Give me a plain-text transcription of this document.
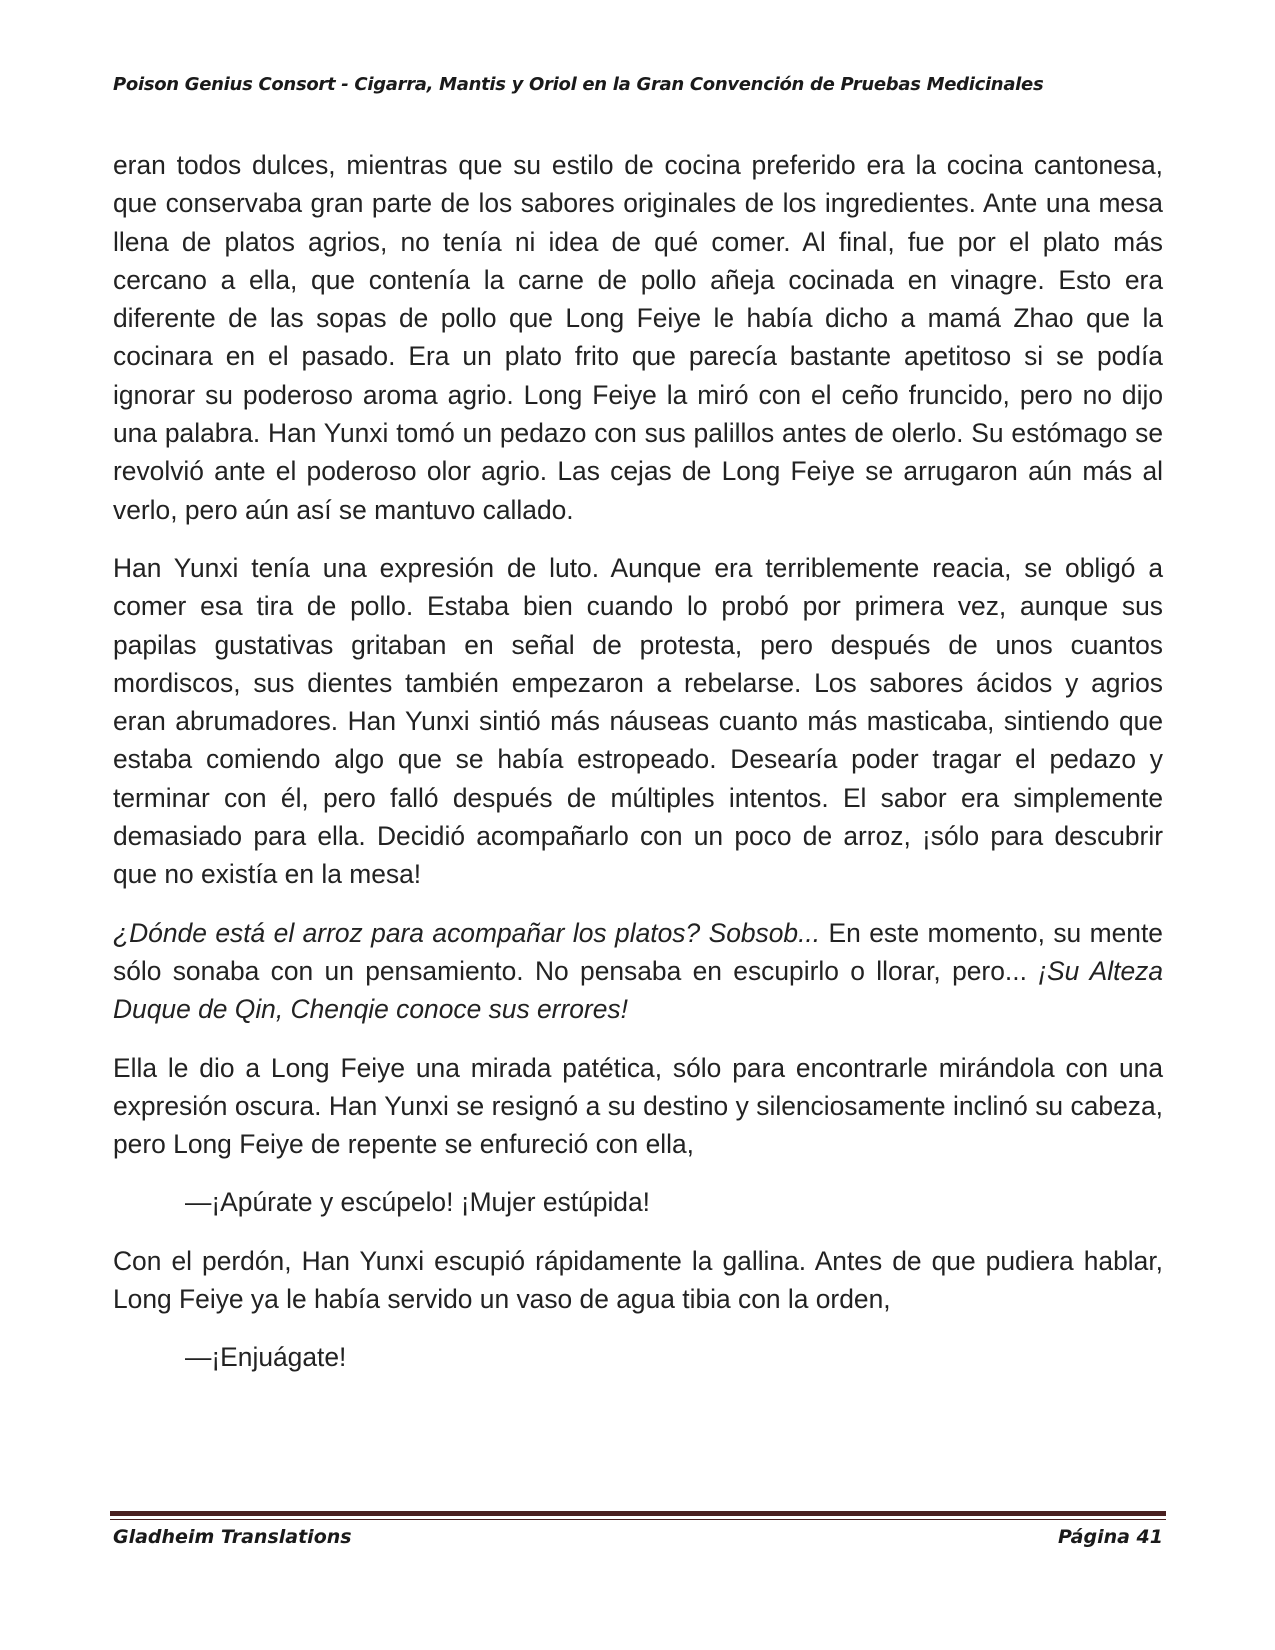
Poison Genius Consort - Cigarra, Mantis y Oriol en la Gran Convención de Pruebas Medicinales

eran todos dulces, mientras que su estilo de cocina preferido era la cocina cantonesa, que conservaba gran parte de los sabores originales de los ingredientes. Ante una mesa llena de platos agrios, no tenía ni idea de qué comer. Al final, fue por el plato más cercano a ella, que contenía la carne de pollo añeja cocinada en vinagre. Esto era diferente de las sopas de pollo que Long Feiye le había dicho a mamá Zhao que la cocinara en el pasado. Era un plato frito que parecía bastante apetitoso si se podía ignorar su poderoso aroma agrio. Long Feiye la miró con el ceño fruncido, pero no dijo una palabra. Han Yunxi tomó un pedazo con sus palillos antes de olerlo. Su estómago se revolvió ante el poderoso olor agrio. Las cejas de Long Feiye se arrugaron aún más al verlo, pero aún así se mantuvo callado.

Han Yunxi tenía una expresión de luto. Aunque era terriblemente reacia, se obligó a comer esa tira de pollo. Estaba bien cuando lo probó por primera vez, aunque sus papilas gustativas gritaban en señal de protesta, pero después de unos cuantos mordiscos, sus dientes también empezaron a rebelarse. Los sabores ácidos y agrios eran abrumadores. Han Yunxi sintió más náuseas cuanto más masticaba, sintiendo que estaba comiendo algo que se había estropeado. Desearía poder tragar el pedazo y terminar con él, pero falló después de múltiples intentos. El sabor era simplemente demasiado para ella. Decidió acompañarlo con un poco de arroz, ¡sólo para descubrir que no existía en la mesa!

¿Dónde está el arroz para acompañar los platos? Sobsob... En este momento, su mente sólo sonaba con un pensamiento. No pensaba en escupirlo o llorar, pero... ¡Su Alteza Duque de Qin, Chenqie conoce sus errores!

Ella le dio a Long Feiye una mirada patética, sólo para encontrarle mirándola con una expresión oscura. Han Yunxi se resignó a su destino y silenciosamente inclinó su cabeza, pero Long Feiye de repente se enfureció con ella,

—¡Apúrate y escúpelo! ¡Mujer estúpida!

Con el perdón, Han Yunxi escupió rápidamente la gallina. Antes de que pudiera hablar, Long Feiye ya le había servido un vaso de agua tibia con la orden,

—¡Enjuágate!

Gladheim Translations	Página 41
